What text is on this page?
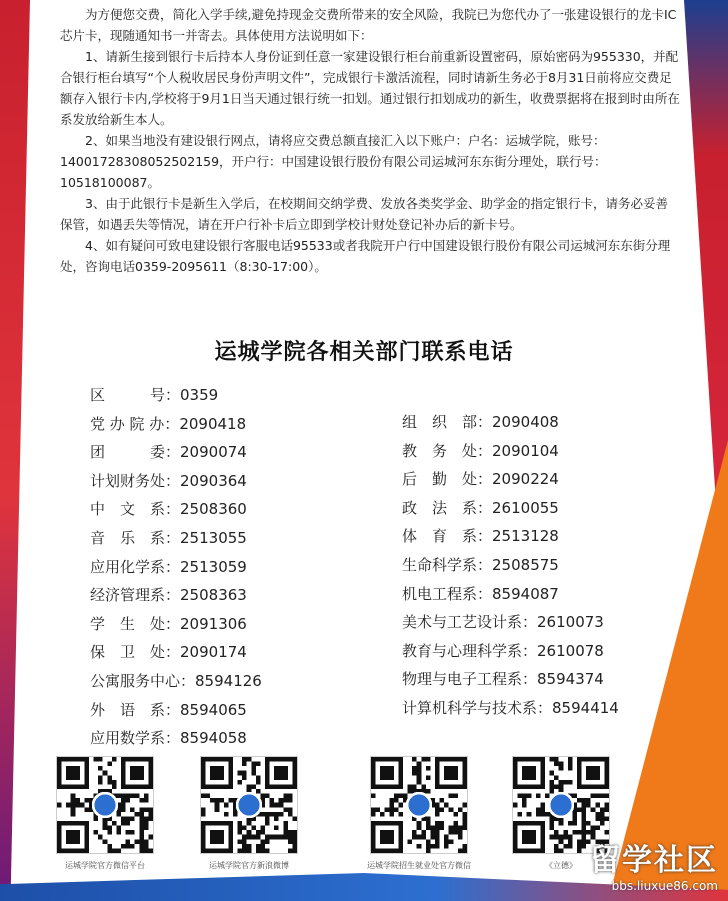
为方便您交费，简化入学手续,避免持现金交费所带来的安全风险，我院已为您代办了一张建设银行的龙卡IC芯片卡，现随通知书一并寄去。具体使用方法说明如下：

1、请新生接到银行卡后持本人身份证到任意一家建设银行柜台前重新设置密码，原始密码为955330，并配合银行柜台填写“个人税收居民身份声明文件”，完成银行卡激活流程，同时请新生务必于8月31日前将应交费足额存入银行卡内,学校将于9月1日当天通过银行统一扣划。通过银行扣划成功的新生，收费票据将在报到时由所在系发放给新生本人。

2、如果当地没有建设银行网点，请将应交费总额直接汇入以下账户：户名：运城学院，账号：14001728308052502159，开户行：中国建设银行股份有限公司运城河东东街分理处，联行号：10518100087。

3、由于此银行卡是新生入学后，在校期间交纳学费、发放各类奖学金、助学金的指定银行卡，请务必妥善保管，如遇丢失等情况，请在开户行补卡后立即到学校计财处登记补办后的新卡号。

4、如有疑问可致电建设银行客服电话95533或者我院开户行中国建设银行股份有限公司运城河东东街分理处，咨询电话0359-2095611（8:30-17:00）。

运城学院各相关部门联系电话
区　　　号： 0359
党 办 院 办： 2090418
团　　　委： 2090074
计划财务处： 2090364
中　文　系： 2508360
音　乐　系： 2513055
应用化学系： 2513059
经济管理系： 2508363
学　生　处： 2091306
保　卫　处： 2090174
公寓服务中心： 8594126
外　语　系： 8594065
应用数学系： 8594058
组　织　部： 2090408
教　务　处： 2090104
后　勤　处： 2090224
政　法　系： 2610055
体　育　系： 2513128
生命科学系： 2508575
机电工程系： 8594087
美术与工艺设计系： 2610073
教育与心理科学系： 2610078
物理与电子工程系： 8594374
计算机科学与技术系： 8594414
运城学院官方微信平台	运城学院官方新浪微博	运城学院招生就业处官方微信	《立德》 留学社区
bbs.liuxue86.com
